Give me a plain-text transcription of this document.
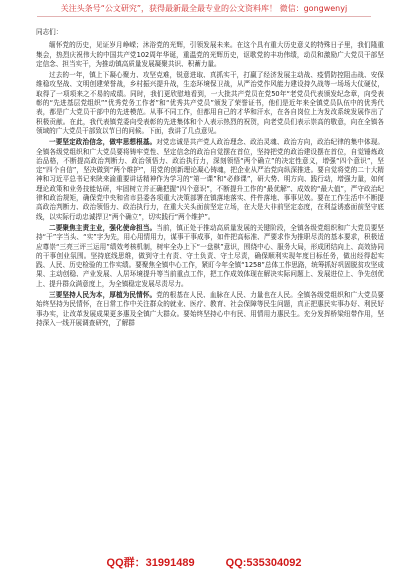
关注头条号“公文研究”，获得最新最全最专业的公文资料库！ 微信：gongwenyj

同志们：

缅怀党的历史，见证岁月峥嵘；沐浴党的光辉，引领发展未来。在这个具有重大历史意义的特殊日子里，我们隆重集会，热烈庆祝伟大的中国共产党102周年华诞，重温党的光辉历史，讴歌党的丰功伟绩，动员和激励广大党员干部坚定信念、担当实干，为推动镇高质量发展凝聚共识、积蓄力量。

过去的一年，镇上下凝心聚力、攻坚克难，锐意进取、真抓实干，打赢了经济发展主动战、疫情防控阻击战、安保维稳攻坚战、文明创建荣誉战，乡村振兴提升战，生态环境保卫战，从严治党作风能力建设持久战等一场场大仗硬仗，取得了一项项来之不易的成绩。同时，我们更欣慰地看到，一大批共产党员在党50年“老党员代表颁发纪念章，向受表彰的“先进基层党组织”“优秀党务工作者”和“优秀共产党员”颁发了荣誉证书，他们是近年来全镇党员队伍中的优秀代表，都是广大党员干部中的先进模范。从事不同工作，但都用自己的才华和汗水，在各自岗位上为发改系统发展作出了积极贡献。在此，我代表镇党委向受表彰的先进集体和个人表示热烈的祝贺，向老党员们表示崇高的敬意，向在全镇各领域的广大党员干部致以节日的问候。下面，我讲了几点意见。

一要坚定政治信念，做牢思想根基。对党忠诚是共产党人政治理念、政治灵魂、政治方向，政治纪律的集中体现。全镇各级党组织和广大党员要将铸牢党性、坚定信念的政治自觉摆在首位，坚持把党的政治建设摆在首位，自觉锤炼政治品格，不断提高政治判断力、政治领悟力、政治执行力，深刻领悟“两个确立”的决定性意义，增强“四个意识”，坚定“四个自信”，坚决做到“两个维护”，用党的创新理论凝心铸魂，把企业从严治党向纵深推进。要自觉将党的二十大精神和习近平总书记来陕来渝重要讲话精神作为学习的“第一课”和“必修课”，研大势、明方向、践行动，增强力量，如何理论政策和业务技能钻研，牢固树立并正确把握“四个意识”，不断提升工作的“最优解”、成效的“最大值”，严守政治纪律和政治规矩，确保党中央和省市县委各项重大决策部署在镇落地落实、件件落地、事事见效。要在工作生活中不断提高政治判断力、政治领悟力、政治执行力，在重大关头面前坚定立场，在大是大非前坚定态度，在利益诱惑面前坚守底线，以实际行动忠诚捍卫“两个确立”，切实践行“两个维护”。

二要聚焦主责主业，强化使命担当。当前，镇正处于推动高质量发展的关键阶段，全镇各级党组织和广大党员要坚持“干”字当头、“实”字为先，用心用情用力，谋事干事成事，如件把高标准、严要求作为推职尽责的基本要求，积极适应尊崇“三亮三评三运用”绩效考核机制，树牢全办上下“一盘棋”意识，围绕中心、服务大局，形成团结向上、高效协同的干事创业氛围。坚持底线思维，做到守土有责、守土负责、守土尽责，确保顺利实现年度目标任务，做出经得起实践、人民、历史检验的工作实绩。要聚焦全镇中心工作，紧盯今年全镇“1258”总体工作思路，统筹抓好巩固脱贫攻坚成果、主动创稳、产业发展、人居环境提升等当前重点工作，把工作成效体现在解决实际问题上、发展进位上、争先创优上、提升群众满意度上，为全镇稳定发展尽责尽力。

三要坚持人民为本，厚植为民情怀。党的根基在人民、血脉在人民、力量也在人民。全镇各级党组织和广大党员要始终坚持为民情怀，在日常工作中关注群众的就业、医疗、教育、社会保障等民生问题，真正把惠民实事办好、利民好事办实，让改革发展成果更多惠及全镇广大群众。要始终坚持心中有民、用情用力惠民生。充分发挥桥梁纽带作用，坚持深入一线开展调查研究，了解群

QQ群：31991489	QQ:535304092
